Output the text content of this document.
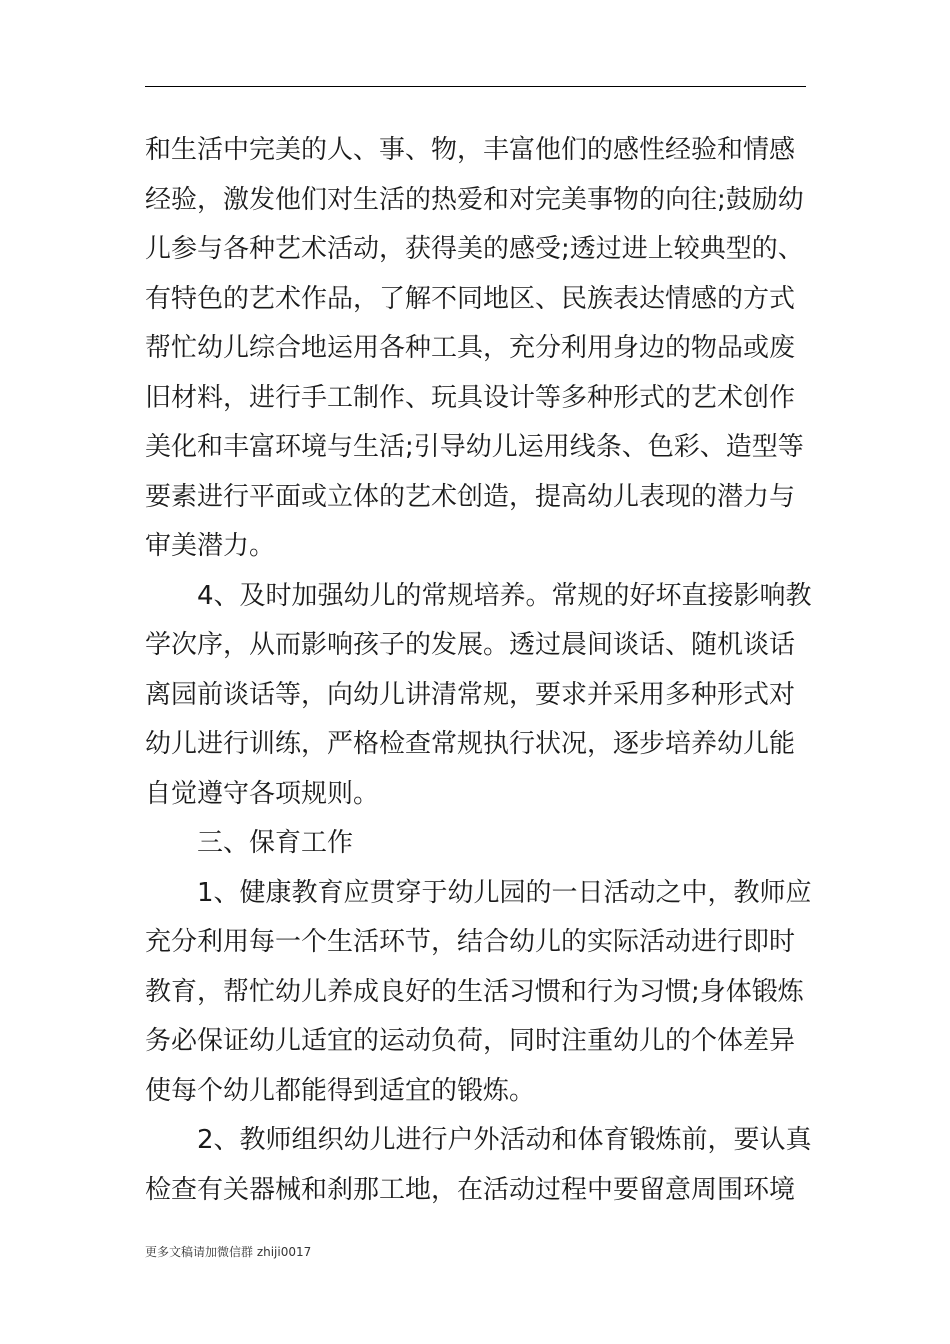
和生活中完美的人、事、物，丰富他们的感性经验和情感
经验，激发他们对生活的热爱和对完美事物的向往;鼓励幼
儿参与各种艺术活动，获得美的感受;透过进上较典型的、
有特色的艺术作品，了解不同地区、民族表达情感的方式
帮忙幼儿综合地运用各种工具，充分利用身边的物品或废
旧材料，进行手工制作、玩具设计等多种形式的艺术创作
美化和丰富环境与生活;引导幼儿运用线条、色彩、造型等
要素进行平面或立体的艺术创造，提高幼儿表现的潜力与
审美潜力。
4、及时加强幼儿的常规培养。常规的好坏直接影响教
学次序，从而影响孩子的发展。透过晨间谈话、随机谈话
离园前谈话等，向幼儿讲清常规，要求并采用多种形式对
幼儿进行训练，严格检查常规执行状况，逐步培养幼儿能
自觉遵守各项规则。
三、保育工作
1、健康教育应贯穿于幼儿园的一日活动之中，教师应
充分利用每一个生活环节，结合幼儿的实际活动进行即时
教育，帮忙幼儿养成良好的生活习惯和行为习惯;身体锻炼
务必保证幼儿适宜的运动负荷，同时注重幼儿的个体差异
使每个幼儿都能得到适宜的锻炼。
2、教师组织幼儿进行户外活动和体育锻炼前，要认真
检查有关器械和刹那工地，在活动过程中要留意周围环境
更多文稿请加微信群 zhiji0017
